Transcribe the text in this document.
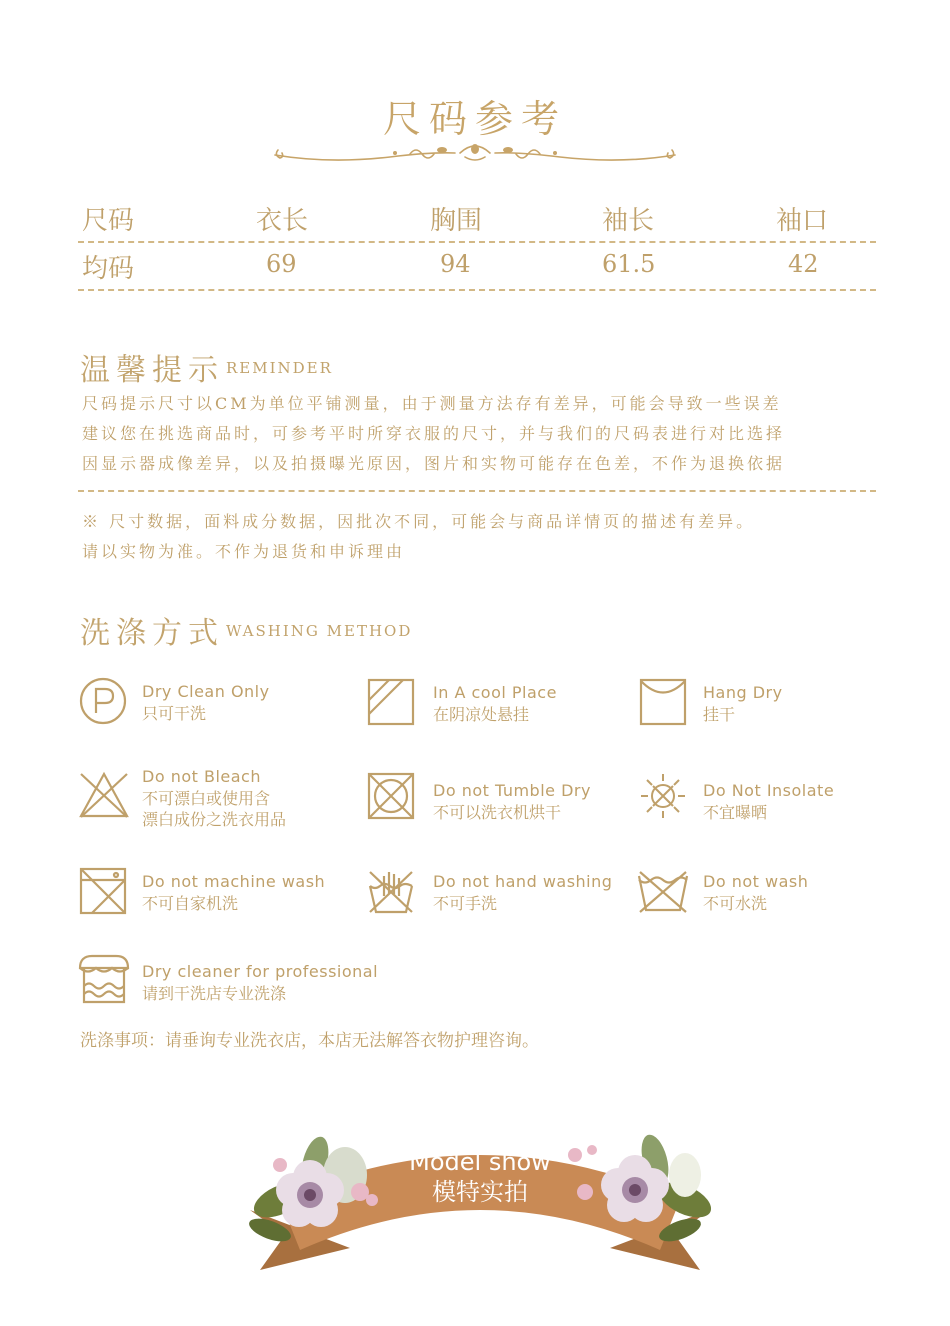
尺码参考
尺码	衣长	胸围	袖长	袖口
均码	69	94	61.5	42
温馨提示 REMINDER
尺码提示尺寸以CM为单位平铺测量，由于测量方法存有差异，可能会导致一些误差
建议您在挑选商品时，可参考平时所穿衣服的尺寸，并与我们的尺码表进行对比选择
因显示器成像差异，以及拍摄曝光原因，图片和实物可能存在色差，不作为退换依据
※ 尺寸数据，面料成分数据，因批次不同，可能会与商品详情页的描述有差异。
请以实物为准。不作为退货和申诉理由
洗涤方式 WASHING METHOD
Dry Clean Only
只可干洗
In A cool Place
在阴凉处悬挂
Hang Dry
挂干
Do not Bleach
不可漂白或使用含
漂白成份之洗衣用品
Do not Tumble Dry
不可以洗衣机烘干
Do Not Insolate
不宜曝晒
Do not machine wash
不可自家机洗
Do not hand washing
不可手洗
Do not wash
不可水洗
Dry cleaner for professional
请到干洗店专业洗涤
洗涤事项：请垂询专业洗衣店，本店无法解答衣物护理咨询。
Model show
模特实拍
